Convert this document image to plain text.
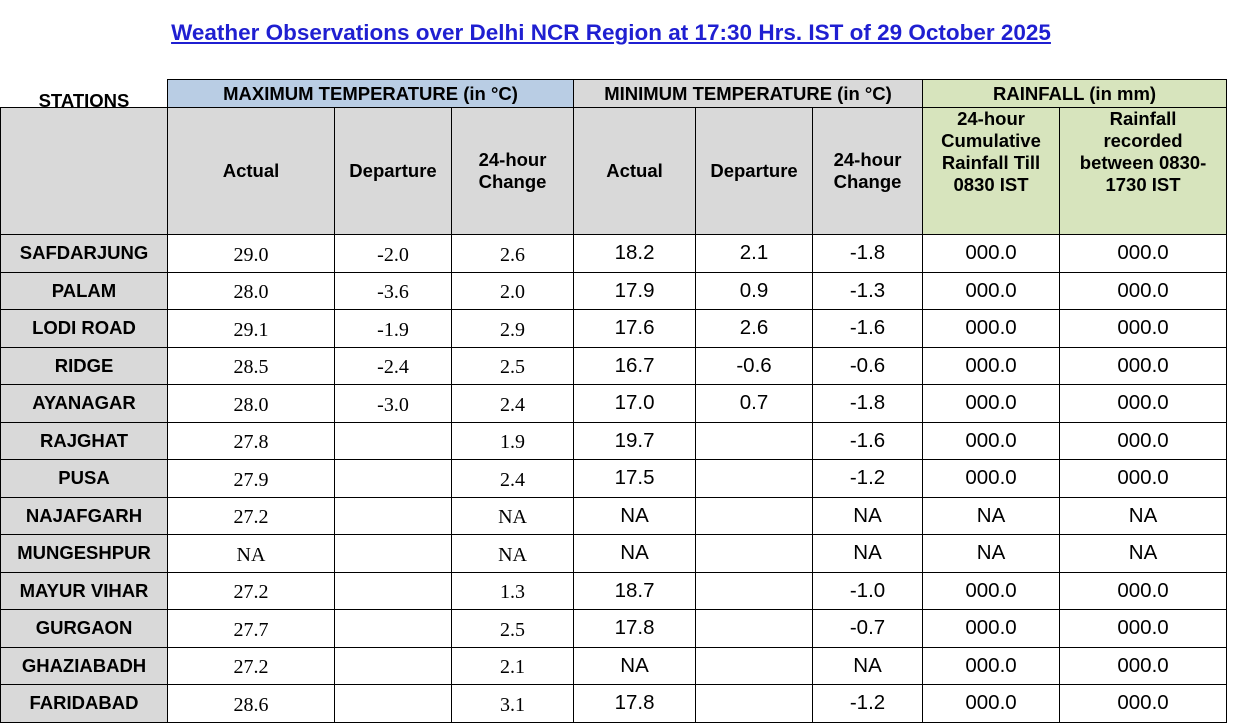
Weather Observations over Delhi NCR Region at 17:30 Hrs. IST of 29 October 2025
	MAXIMUM TEMPERATURE (in °C)			MINIMUM TEMPERATURE (in °C)			RAINFALL (in mm)	

STATIONS	Actual	Departure	24-hour Change	Actual	Departure	24-hour Change	24-hour Cumulative Rainfall Till 0830 IST	Rainfall recorded between 0830-1730 IST

SAFDARJUNG	29.0	-2.0	2.6	18.2	2.1	-1.8	000.0	000.0
PALAM	28.0	-3.6	2.0	17.9	0.9	-1.3	000.0	000.0
LODI ROAD	29.1	-1.9	2.9	17.6	2.6	-1.6	000.0	000.0
RIDGE	28.5	-2.4	2.5	16.7	-0.6	-0.6	000.0	000.0
AYANAGAR	28.0	-3.0	2.4	17.0	0.7	-1.8	000.0	000.0
RAJGHAT	27.8		1.9	19.7		-1.6	000.0	000.0
PUSA	27.9		2.4	17.5		-1.2	000.0	000.0
NAJAFGARH	27.2		NA	NA		NA	NA	NA
MUNGESHPUR	NA		NA	NA		NA	NA	NA
MAYUR VIHAR	27.2		1.3	18.7		-1.0	000.0	000.0
GURGAON	27.7		2.5	17.8		-0.7	000.0	000.0
GHAZIABADH	27.2		2.1	NA		NA	000.0	000.0
FARIDABAD	28.6		3.1	17.8		-1.2	000.0	000.0
